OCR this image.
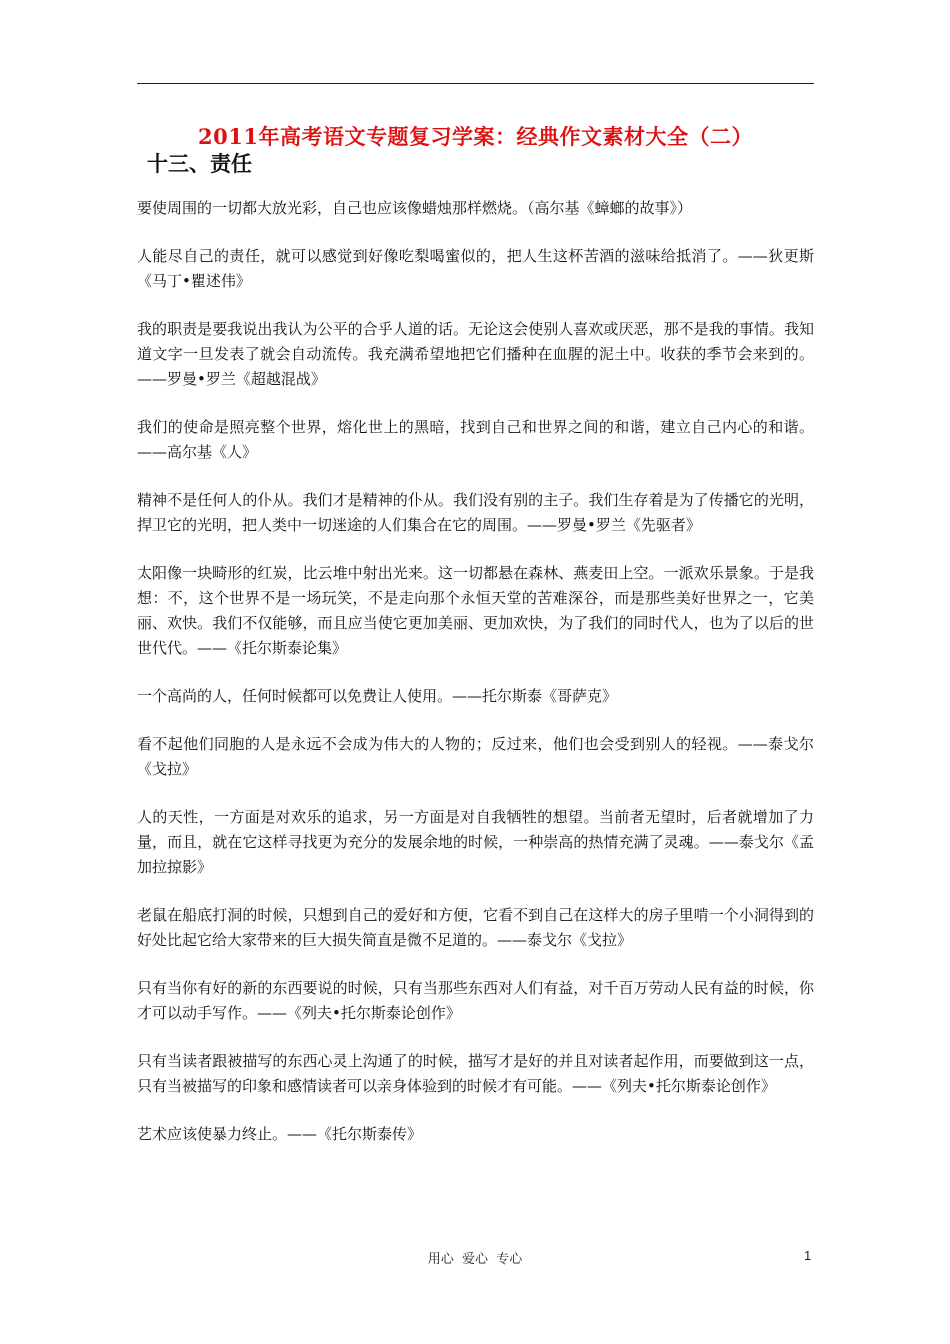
2011年高考语文专题复习学案：经典作文素材大全（二）
十三、责任

要使周围的一切都大放光彩，自己也应该像蜡烛那样燃烧。（高尔基《蟑螂的故事》）

人能尽自己的责任，就可以感觉到好像吃梨喝蜜似的，把人生这杯苦酒的滋味给抵消了。——狄更斯《马丁•瞿述伟》

我的职责是要我说出我认为公平的合乎人道的话。无论这会使别人喜欢或厌恶，那不是我的事情。我知道文字一旦发表了就会自动流传。我充满希望地把它们播种在血腥的泥土中。收获的季节会来到的。——罗曼•罗兰《超越混战》

我们的使命是照亮整个世界，熔化世上的黑暗，找到自己和世界之间的和谐，建立自己内心的和谐。——高尔基《人》

精神不是任何人的仆从。我们才是精神的仆从。我们没有别的主子。我们生存着是为了传播它的光明，捍卫它的光明，把人类中一切迷途的人们集合在它的周围。——罗曼•罗兰《先驱者》

太阳像一块畸形的红炭，比云堆中射出光来。这一切都悬在森林、燕麦田上空。一派欢乐景象。于是我想：不，这个世界不是一场玩笑，不是走向那个永恒天堂的苦难深谷，而是那些美好世界之一，它美丽、欢快。我们不仅能够，而且应当使它更加美丽、更加欢快，为了我们的同时代人，也为了以后的世世代代。——《托尔斯泰论集》

一个高尚的人，任何时候都可以免费让人使用。——托尔斯泰《哥萨克》

看不起他们同胞的人是永远不会成为伟大的人物的；反过来，他们也会受到别人的轻视。——泰戈尔《戈拉》

人的天性，一方面是对欢乐的追求，另一方面是对自我牺牲的想望。当前者无望时，后者就增加了力量，而且，就在它这样寻找更为充分的发展余地的时候，一种崇高的热情充满了灵魂。——泰戈尔《孟加拉掠影》

老鼠在船底打洞的时候，只想到自己的爱好和方便，它看不到自己在这样大的房子里啃一个小洞得到的好处比起它给大家带来的巨大损失简直是微不足道的。——泰戈尔《戈拉》

只有当你有好的新的东西要说的时候，只有当那些东西对人们有益，对千百万劳动人民有益的时候，你才可以动手写作。——《列夫•托尔斯泰论创作》

只有当读者跟被描写的东西心灵上沟通了的时候，描写才是好的并且对读者起作用，而要做到这一点，只有当被描写的印象和感情读者可以亲身体验到的时候才有可能。——《列夫•托尔斯泰论创作》

艺术应该使暴力终止。——《托尔斯泰传》

用心  爱心  专心	1
